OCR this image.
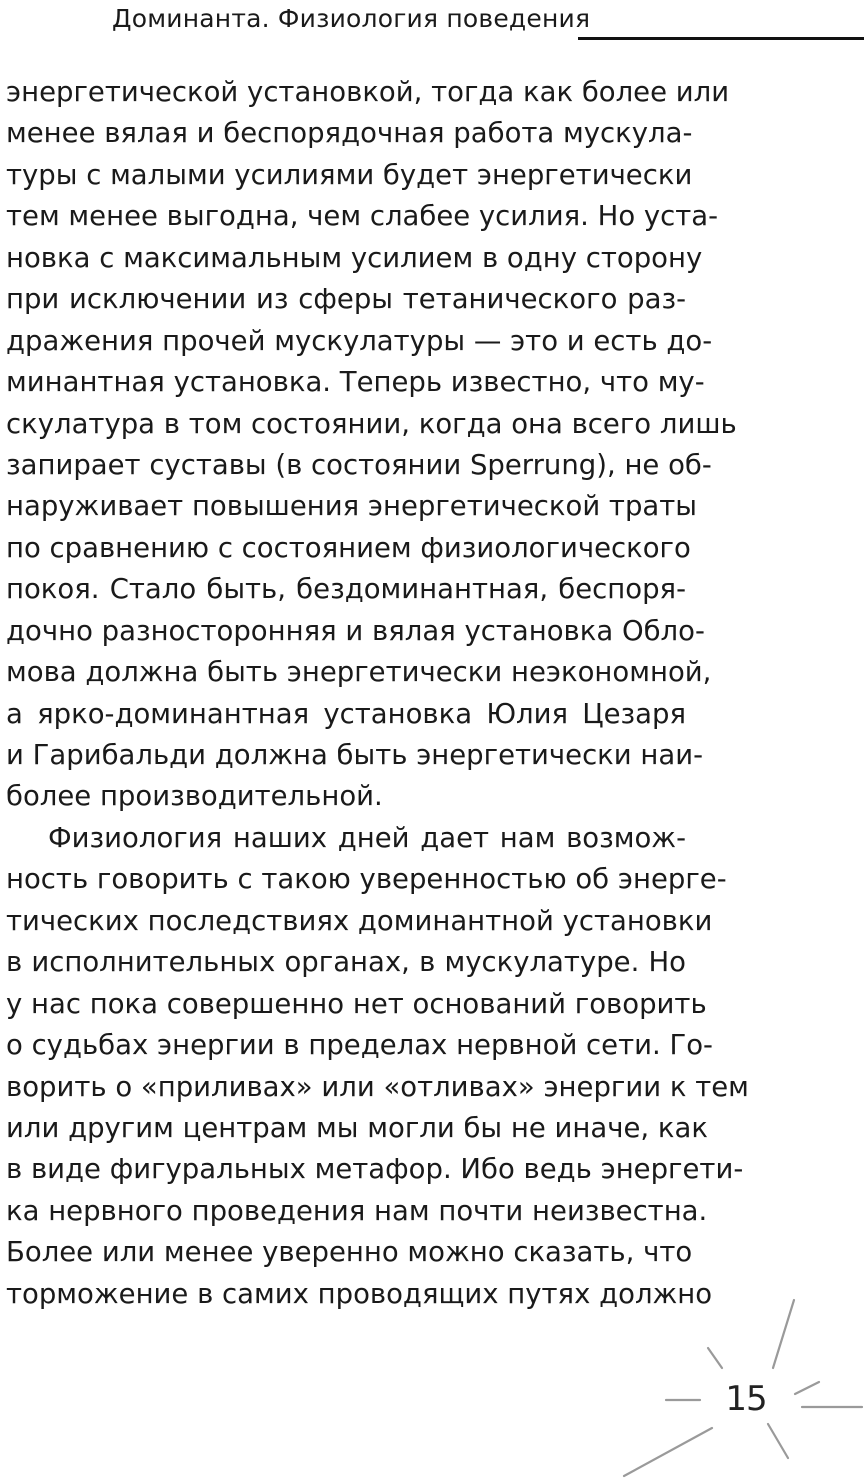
Доминанта. Физиология поведения
энергетической установкой, тогда как более или
менее вялая и беспорядочная работа мускула-
туры с малыми усилиями будет энергетически
тем менее выгодна, чем слабее усилия. Но уста-
новка с максимальным усилием в одну сторону
при исключении из сферы тетанического раз-
дражения прочей мускулатуры — это и есть до-
минантная установка. Теперь известно, что му-
скулатура в том состоянии, когда она всего лишь
запирает суставы (в состоянии Sperrung), не об-
наруживает повышения энергетической траты
по сравнению с состоянием физиологического
покоя. Стало быть, бездоминантная, беспоря-
дочно разносторонняя и вялая установка Обло-
мова должна быть энергетически неэкономной,
а ярко-доминантная установка Юлия Цезаря
и Гарибальди должна быть энергетически наи-
более производительной.
Физиология наших дней дает нам возмож-
ность говорить с такою уверенностью об энерге-
тических последствиях доминантной установки
в исполнительных органах, в мускулатуре. Но
у нас пока совершенно нет оснований говорить
о судьбах энергии в пределах нервной сети. Го-
ворить о «приливах» или «отливах» энергии к тем
или другим центрам мы могли бы не иначе, как
в виде фигуральных метафор. Ибо ведь энергети-
ка нервного проведения нам почти неизвестна.
Более или менее уверенно можно сказать, что
торможение в самих проводящих путях должно
15
